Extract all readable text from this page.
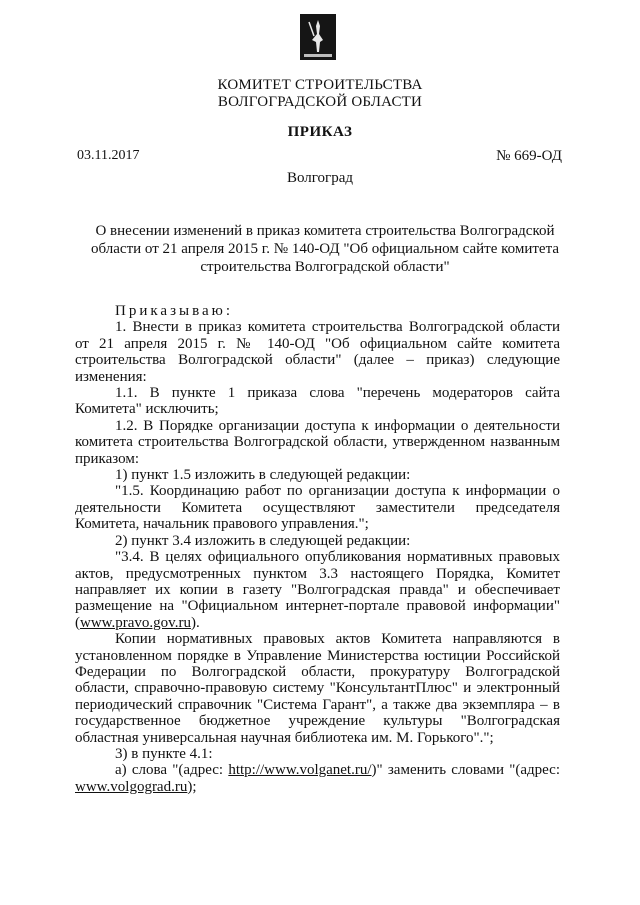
КОМИТЕТ СТРОИТЕЛЬСТВА
ВОЛГОГРАДСКОЙ ОБЛАСТИ
ПРИКАЗ
03.11.2017	№ 669-ОД
Волгоград
О внесении изменений в приказ комитета строительства Волгоградской области от 21 апреля 2015 г. № 140-ОД "Об официальном сайте комитета строительства Волгоградской области"

Приказываю:

1. Внести в приказ комитета строительства Волгоградской области от 21 апреля 2015 г. № 140-ОД "Об официальном сайте комитета строительства Волгоградской области" (далее – приказ) следующие изменения:

1.1. В пункте 1 приказа слова "перечень модераторов сайта Комитета" исключить;

1.2. В Порядке организации доступа к информации о деятельности комитета строительства Волгоградской области, утвержденном названным приказом:

1) пункт 1.5 изложить в следующей редакции:

"1.5. Координацию работ по организации доступа к информации о деятельности Комитета осуществляют заместители председателя Комитета, начальник правового управления.";

2) пункт 3.4 изложить в следующей редакции:

"3.4. В целях официального опубликования нормативных правовых актов, предусмотренных пунктом 3.3 настоящего Порядка, Комитет направляет их копии в газету "Волгоградская правда" и обеспечивает размещение на "Официальном интернет-портале правовой информации" (www.pravo.gov.ru).

Копии нормативных правовых актов Комитета направляются в установленном порядке в Управление Министерства юстиции Российской Федерации по Волгоградской области, прокуратуру Волгоградской области, справочно-правовую систему "КонсультантПлюс" и электронный периодический справочник "Система Гарант", а также два экземпляра – в государственное бюджетное учреждение культуры "Волгоградская областная универсальная научная библиотека им. М. Горького".";

3) в пункте 4.1:

а) слова "(адрес: http://www.volganet.ru/)" заменить словами "(адрес: www.volgograd.ru);
